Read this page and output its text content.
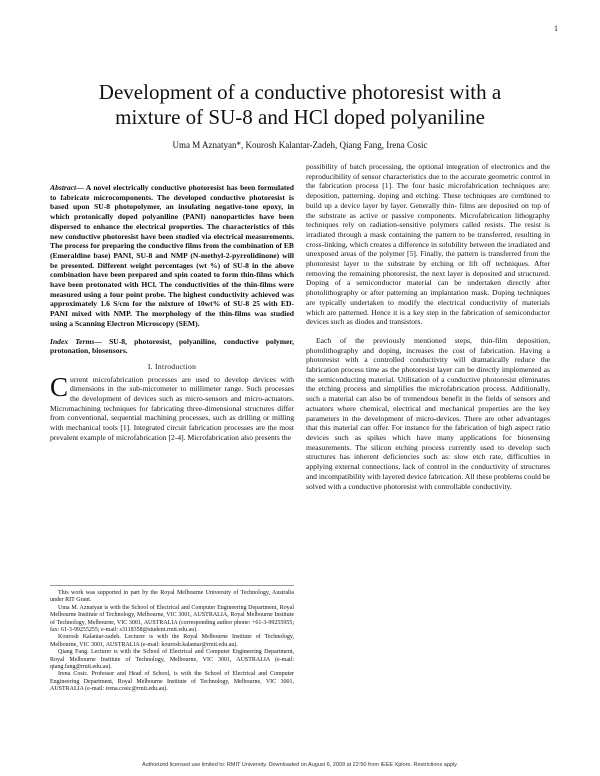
1
Development of a conductive photoresist with a
mixture of SU-8 and HCl doped polyaniline
Uma M Aznatyan*, Kourosh Kalantar-Zadeh, Qiang Fang, Irena Cosic

Abstract— A novel electrically conductive photoresist has been formulated to fabricate microcomponents. The developed conductive photoresist is based upon SU-8 photopolymer, an insulating negative-tone epoxy, in which protonically doped polyaniline (PANI) nanoparticles have been dispersed to enhance the electrical properties. The characteristics of this new conductive photoresist have been studied via electrical measurements. The process for preparing the conductive films from the combination of EB (Emeraldine base) PANI, SU-8 and NMP (N-methyl-2-pyrrolidinone) will be presented. Different weight percentages (wt %) of SU-8 in the above combination have been prepared and spin coated to form thin-films which have been protonated with HCl. The conductivities of the thin-films were measured using a four point probe. The highest conductivity achieved was approximately 1.6 S/cm for the mixture of 10wt% of SU-8 25 with ED-PANI mixed with NMP. The morphology of the thin-films was studied using a Scanning Electron Microscopy (SEM).

Index Terms— SU-8, photoresist, polyaniline, conductive polymer, protonation, biosensors.

I. Introduction

Current microfabrication processes are used to develop devices with dimensions in the sub-micrometer to millimeter range. Such processes the development of devices such as micro-sensors and micro-actuators. Micromachining techniques for fabricating three-dimensional structures differ from conventional, sequential machining processes, such as drilling or milling with mechanical tools [1]. Integrated circuit fabrication processes are the most prevalent example of microfabrication [2-4]. Microfabrication also presents the

This work was supported in part by the Royal Melbourne University of Technology, Australia under RIT Grant.

Uma M. Aznatyan is with the School of Electrical and Computer Engineering Department, Royal Melbourne Institute of Technology, Melbourne, VIC 3001, AUSTRALIA, Royal Melbourne Institute of Technology, Melbourne, VIC 3001, AUSTRALIA (corresponding author phone: +61-3-99255955; fax: 61-3-99255255; e-mail: s3118358@student.rmit.edu.au).

Kourosh Kalantar-zadeh. Lecturer is with the Royal Melbourne Institute of Technology, Melbourne, VIC 3001, AUSTRALIA (e-mail: kourosh.kalantar@rmit.edu.au).

Qiang Fang. Lecturer is with the School of Electrical and Computer Engineering Department, Royal Melbourne Institute of Technology, Melbourne, VIC 3001, AUSTRALIA (e-mail: qiang.fang@rmit.edu.au).

Irena Cosic. Professor and Head of School, is with the School of Electrical and Computer Engineering Department, Royal Melbourne Institute of Technology, Melbourne, VIC 3001, AUSTRALIA (e-mail: irena.cosic@rmit.edu.au).

possibility of batch processing, the optional integration of electronics and the reproducibility of sensor characteristics due to the accurate geometric control in the fabrication process [1]. The four basic microfabrication techniques are: deposition, patterning, doping and etching. These techniques are combined to build up a device layer by layer. Generally thin- films are deposited on top of the substrate as active or passive components. Microfabrication lithography techniques rely on radiation-sensitive polymers called resists. The resist is irradiated through a mask containing the pattern to be transferred, resulting in cross-linking, which creates a difference in solubility between the irradiated and unexposed areas of the polymer [5]. Finally, the pattern is transferred from the photoresist layer to the substrate by etching or lift off techniques. After removing the remaining photoresist, the next layer is deposited and structured. Doping of a semiconductor material can be undertaken directly after photolithography or after patterning an implantation mask. Doping techniques are typically undertaken to modify the electrical conductivity of materials which are patterned. Hence it is a key step in the fabrication of semiconductor devices such as diodes and transistors.

Each of the previously mentioned steps, thin-film deposition, photolithography and doping, increases the cost of fabrication. Having a photoresist with a controlled conductivity will dramatically reduce the fabrication process time as the photoresist layer can be directly implemented as the semiconducting material. Utilisation of a conductive photoresist eliminates the etching process and simplifies the microfabrication process. Additionally, such a material can also be of tremendous benefit in the fields of sensors and actuators where chemical, electrical and mechanical properties are the key parameters in the development of micro-devices. There are other advantages that this material can offer. For instance for the fabrication of high aspect ratio devices such as spikes which have many applications for biosensing measurements. The silicon etching process currently used to develop such structures has inherent deficiencies such as: slow etch rate, difficulties in applying external connections, lack of control in the conductivity of structures and incompatibility with layered device fabrication. All these problems could be solved with a conductive photoresist with controllable conductivity.

Authorized licensed use limited to: RMIT University. Downloaded on August 6, 2009 at 22:50 from IEEE Xplore. Restrictions apply.
